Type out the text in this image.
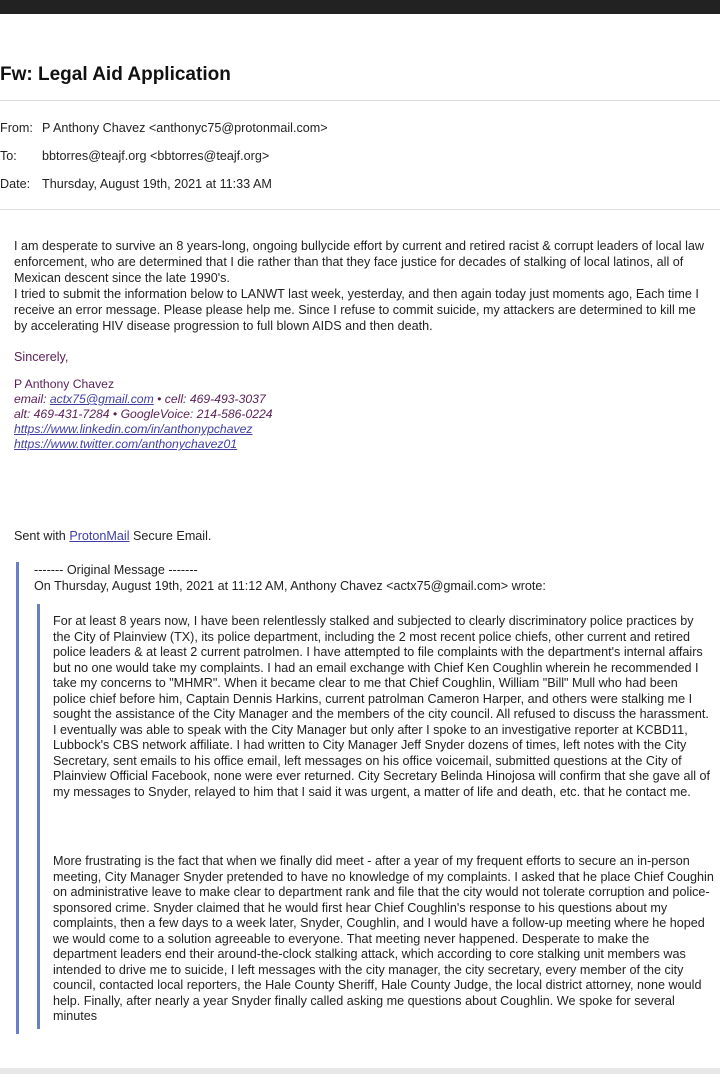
Fw: Legal Aid Application
From: P Anthony Chavez <anthonyc75@protonmail.com>
To: bbtorres@teajf.org <bbtorres@teajf.org>
Date: Thursday, August 19th, 2021 at 11:33 AM
I am desperate to survive an 8 years-long, ongoing bullycide effort by current and retired racist & corrupt leaders of local law enforcement, who are determined that I die rather than that they face justice for decades of stalking of local latinos, all of Mexican descent since the late 1990's.
I tried to submit the information below to LANWT last week, yesterday, and then again today just moments ago, Each time I receive an error message. Please please help me. Since I refuse to commit suicide, my attackers are determined to kill me by accelerating HIV disease progression to full blown AIDS and then death.
Sincerely,
P Anthony Chavez
email: actx75@gmail.com • cell: 469-493-3037
alt: 469-431-7284 • GoogleVoice: 214-586-0224
https://www.linkedin.com/in/anthonypchavez
https://www.twitter.com/anthonychavez01
Sent with ProtonMail Secure Email.
------- Original Message -------
On Thursday, August 19th, 2021 at 11:12 AM, Anthony Chavez <actx75@gmail.com> wrote:
For at least 8 years now, I have been relentlessly stalked and subjected to clearly discriminatory police practices by the City of Plainview (TX), its police department, including the 2 most recent police chiefs, other current and retired police leaders & at least 2 current patrolmen. I have attempted to file complaints with the department's internal affairs but no one would take my complaints. I had an email exchange with Chief Ken Coughlin wherein he recommended I take my concerns to "MHMR". When it became clear to me that Chief Coughlin, William "Bill" Mull who had been police chief before him, Captain Dennis Harkins, current patrolman Cameron Harper, and others were stalking me I sought the assistance of the City Manager and the members of the city council. All refused to discuss the harassment. I eventually was able to speak with the City Manager but only after I spoke to an investigative reporter at KCBD11, Lubbock's CBS network affiliate. I had written to City Manager Jeff Snyder dozens of times, left notes with the City Secretary, sent emails to his office email, left messages on his office voicemail, submitted questions at the City of Plainview Official Facebook, none were ever returned. City Secretary Belinda Hinojosa will confirm that she gave all of my messages to Snyder, relayed to him that I said it was urgent, a matter of life and death, etc. that he contact me.
More frustrating is the fact that when we finally did meet - after a year of my frequent efforts to secure an in-person meeting, City Manager Snyder pretended to have no knowledge of my complaints. I asked that he place Chief Coughin on administrative leave to make clear to department rank and file that the city would not tolerate corruption and police-sponsored crime. Snyder claimed that he would first hear Chief Coughlin's response to his questions about my complaints, then a few days to a week later, Snyder, Coughlin, and I would have a follow-up meeting where he hoped we would come to a solution agreeable to everyone. That meeting never happened. Desperate to make the department leaders end their around-the-clock stalking attack, which according to core stalking unit members was intended to drive me to suicide, I left messages with the city manager, the city secretary, every member of the city council, contacted local reporters, the Hale County Sheriff, Hale County Judge, the local district attorney, none would help. Finally, after nearly a year Snyder finally called asking me questions about Coughlin. We spoke for several minutes
